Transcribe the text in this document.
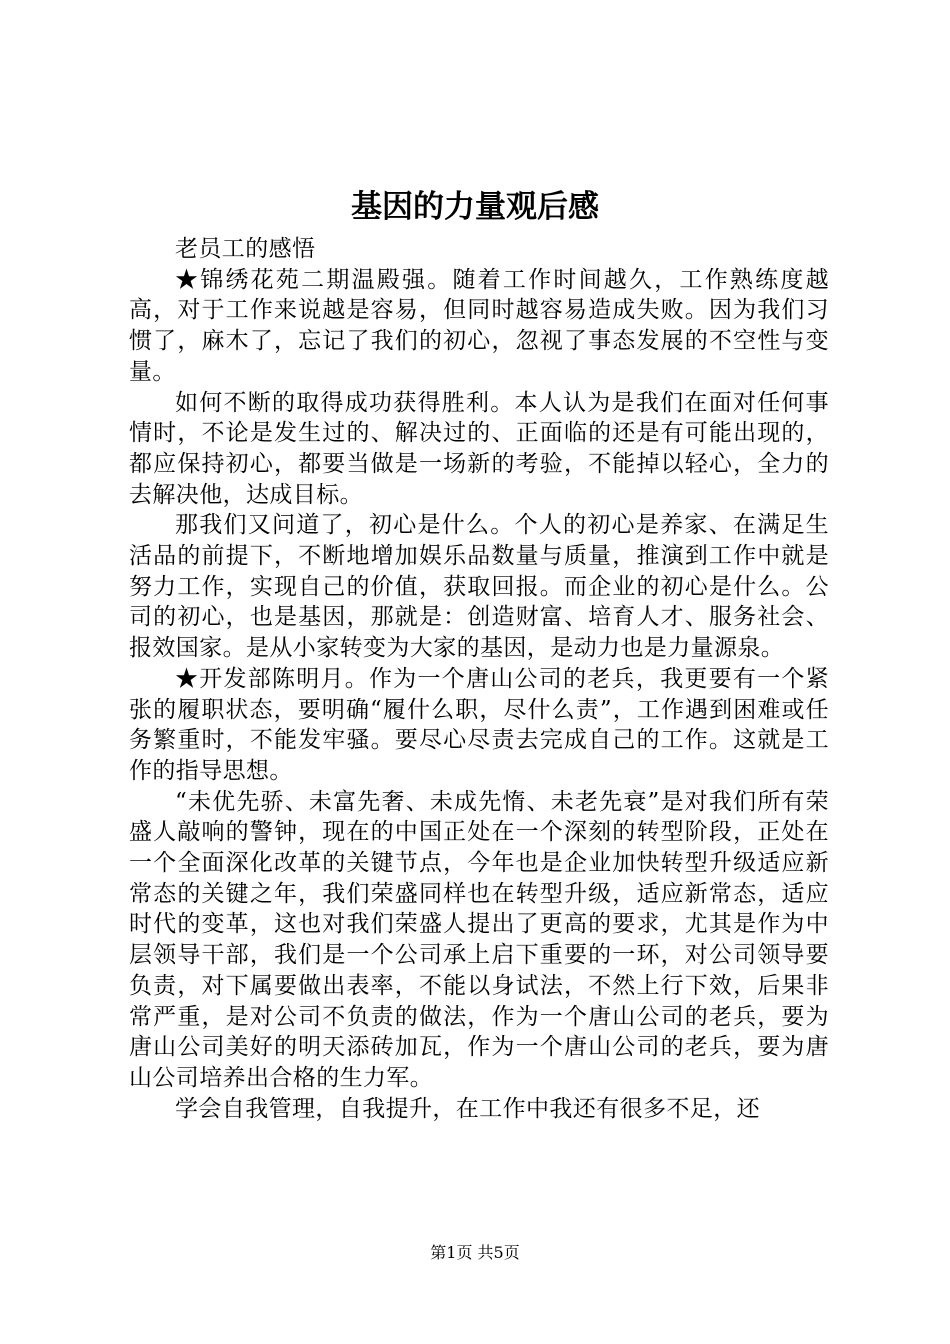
基因的力量观后感

老员工的感悟

★锦绣花苑二期温殿强。随着工作时间越久，工作熟练度越高，对于工作来说越是容易，但同时越容易造成失败。因为我们习惯了，麻木了，忘记了我们的初心，忽视了事态发展的不空性与变量。

如何不断的取得成功获得胜利。本人认为是我们在面对任何事情时，不论是发生过的、解决过的、正面临的还是有可能出现的，都应保持初心，都要当做是一场新的考验，不能掉以轻心，全力的去解决他，达成目标。

那我们又问道了，初心是什么。个人的初心是养家、在满足生活品的前提下，不断地增加娱乐品数量与质量，推演到工作中就是努力工作，实现自己的价值，获取回报。而企业的初心是什么。公司的初心，也是基因，那就是：创造财富、培育人才、服务社会、报效国家。是从小家转变为大家的基因，是动力也是力量源泉。

★开发部陈明月。作为一个唐山公司的老兵，我更要有一个紧张的履职状态，要明确“履什么职，尽什么责”，工作遇到困难或任务繁重时，不能发牢骚。要尽心尽责去完成自己的工作。这就是工作的指导思想。

“未优先骄、未富先奢、未成先惰、未老先衰”是对我们所有荣盛人敲响的警钟，现在的中国正处在一个深刻的转型阶段，正处在一个全面深化改革的关键节点，今年也是企业加快转型升级适应新常态的关键之年，我们荣盛同样也在转型升级，适应新常态，适应时代的变革，这也对我们荣盛人提出了更高的要求，尤其是作为中层领导干部，我们是一个公司承上启下重要的一环，对公司领导要负责，对下属要做出表率，不能以身试法，不然上行下效，后果非常严重，是对公司不负责的做法，作为一个唐山公司的老兵，要为唐山公司美好的明天添砖加瓦，作为一个唐山公司的老兵，要为唐山公司培养出合格的生力军。

学会自我管理，自我提升，在工作中我还有很多不足，还

第1页 共5页
